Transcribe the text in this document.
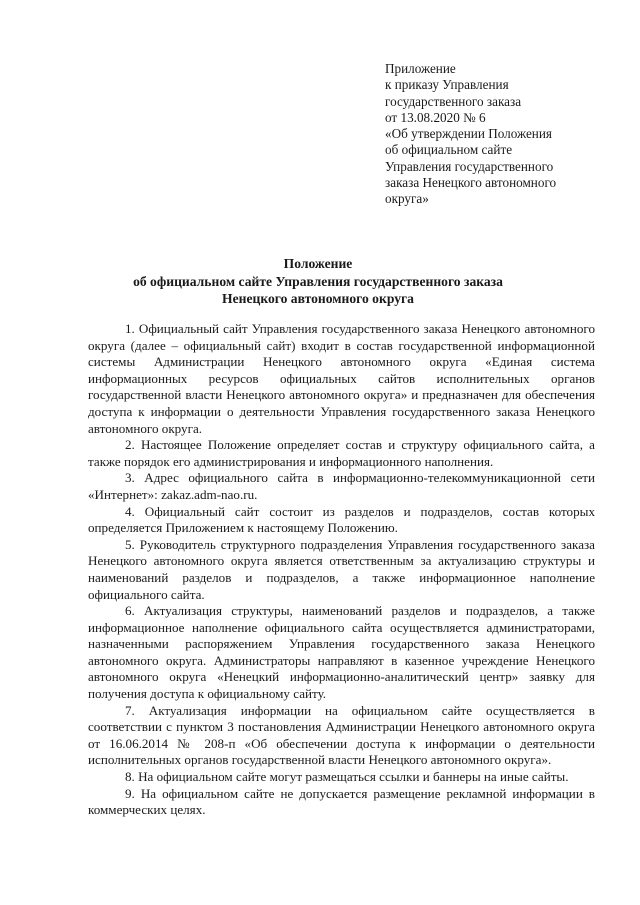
Приложение
к приказу Управления
государственного заказа
от 13.08.2020 № 6
«Об утверждении Положения
об официальном сайте
Управления государственного
заказа Ненецкого автономного
округа»
Положение
об официальном сайте Управления государственного заказа
Ненецкого автономного округа

1. Официальный сайт Управления государственного заказа Ненецкого автономного округа (далее – официальный сайт) входит в состав государственной информационной системы Администрации Ненецкого автономного округа «Единая система информационных ресурсов официальных сайтов исполнительных органов государственной власти Ненецкого автономного округа» и предназначен для обеспечения доступа к информации о деятельности Управления государственного заказа Ненецкого автономного округа.

2. Настоящее Положение определяет состав и структуру официального сайта, а также порядок его администрирования и информационного наполнения.

3. Адрес официального сайта в информационно-телекоммуникационной сети «Интернет»: zakaz.adm-nao.ru.

4. Официальный сайт состоит из разделов и подразделов, состав которых определяется Приложением к настоящему Положению.

5. Руководитель структурного подразделения Управления государственного заказа Ненецкого автономного округа является ответственным за актуализацию структуры и наименований разделов и подразделов, а также информационное наполнение официального сайта.

6. Актуализация структуры, наименований разделов и подразделов, а также информационное наполнение официального сайта осуществляется администраторами, назначенными распоряжением Управления государственного заказа Ненецкого автономного округа. Администраторы направляют в казенное учреждение Ненецкого автономного округа «Ненецкий информационно-аналитический центр» заявку для получения доступа к официальному сайту.

7. Актуализация информации на официальном сайте осуществляется в соответствии с пунктом 3 постановления Администрации Ненецкого автономного округа от 16.06.2014 № 208-п «Об обеспечении доступа к информации о деятельности исполнительных органов государственной власти Ненецкого автономного округа».

8. На официальном сайте могут размещаться ссылки и баннеры на иные сайты.

9. На официальном сайте не допускается размещение рекламной информации в коммерческих целях.
